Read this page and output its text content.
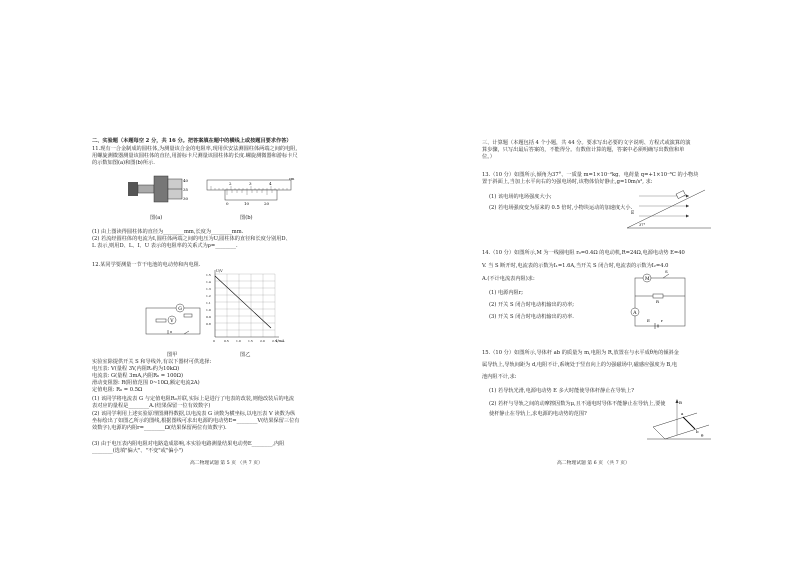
二、实验题（本题每空 2 分，共 16 分。把答案填在题中的横线上或按题目要求作答）
11.现有一合金制成的圆柱体,为测量该合金的电阻率,现用伏安法测圆柱体两端之间的电阻,
用螺旋测微器测量该圆柱体的直径,用游标卡尺测量该圆柱体的长度.螺旋测微器和游标卡尺
的示数如图(a)和图(b)所示.
40
35
30
图(a)
2	3	4
cm
0	10	20
图(b)
(1) 由上图读得圆柱体的直径为________mm,长度为________mm.
(2) 若流经圆柱体的电流为I,圆柱体两端之间的电压为U,圆柱体的直径和长度分别用D、
L 表示,则用D、L、I、U 表示的电阻率的关系式为ρ=________.
12.某同学要测量一节干电池的电动势和内电阻.
G
V
图甲
U/V
I/mA
1.5
1.4
1.3
1.2
1.1
1.0
0.9
0.8
0	0.5 1.0 1.5 2.0 2.5
图乙
实验室除提供开关 S 和导线外,有以下器材可供选择:
电压表: V(量程 3V,内阻Rᵥ约为10kΩ)
电流表: G(量程 3mA,内阻R₆ = 100Ω)
滑动变阻器: R(阻值范围 0~10Ω,额定电流2A)
定值电阻: R₀ = 0.5Ω
(1) 该同学将电流表 G 与定值电阻R₀并联,实际上是进行了电表的改装,则他改装后的电流
表对应的量程是________A.(结果保留一位有效数字)
(2) 该同学利用上述实验原理图测得数据,以电流表 G 读数为横坐标,以电压表 V 读数为纵
坐标绘出了如图乙所示的图线,根据图线可求出电源的电动势E=________V(结果保留三位有
效数字),电源的内阻r=________Ω(结果保留两位有效数字).
(3) 由于电压表内阻电阻对电路造成影响,本实验电路测量结果电动势E________,内阻
________(选填"偏大"、"不变"或"偏小")
高二物理试题 第 5 页 （共 7 页）
三、计算题（本题包括 4 个小题，共 44 分。要求写出必要的文字说明、方程式或演算的演
算步骤，只写出最后答案的，不能得分。有数值计算的题，答案中必须明确写出数值和单
位。）
13.（10 分）如图所示,倾角为37°、一质量 m=1×10⁻²kg、电荷量 q=+1×10⁻⁶C 的小物块
置于斜面上,当加上水平向右的匀强电场时,该物体恰好静止,g=10m/s², 求:
(1) 该电场的电场强度大小;
(2) 若电场强度变为原来的 0.5 倍时,小物块运动的加速度大小.
E
37°
14.（10 分）如图所示,M 为一线圈电阻 r₀=0.4Ω 的电动机,R=24Ω,电源电动势 E=40
V. 当 S 断开时,电流表的示数为I₁=1.6A,当开关 S 闭合时,电流表的示数为I₂=4.0
A.(不计电流表内阻)求:
(1) 电源内阻r;
(2) 开关 S 闭合时电动机输出的功率;
(3) 开关 S 闭合时电动机输出的功率.
M
S
R
A
E	r
15.（10 分）如图所示,导体杆 ab 的质量为 m,电阻为 R,放置在与水平成θ角的倾斜金
属导轨上,导轨间距为 d,电阻不计,系统处于竖直向上的匀强磁场中,磁感应强度为 B,电
池内阻不计,求:
(1) 若导轨光滑,电源电动势 E 多大时能使导体杆静止在导轨上?
(2) 若杆与导轨之间的动摩擦因数为μ,且不通电时导体不能静止在导轨上,要使
使杆静止在导轨上,求电源的电动势的范围?
B
a
b
θ
高二物理试题 第 6 页 （共 7 页）
